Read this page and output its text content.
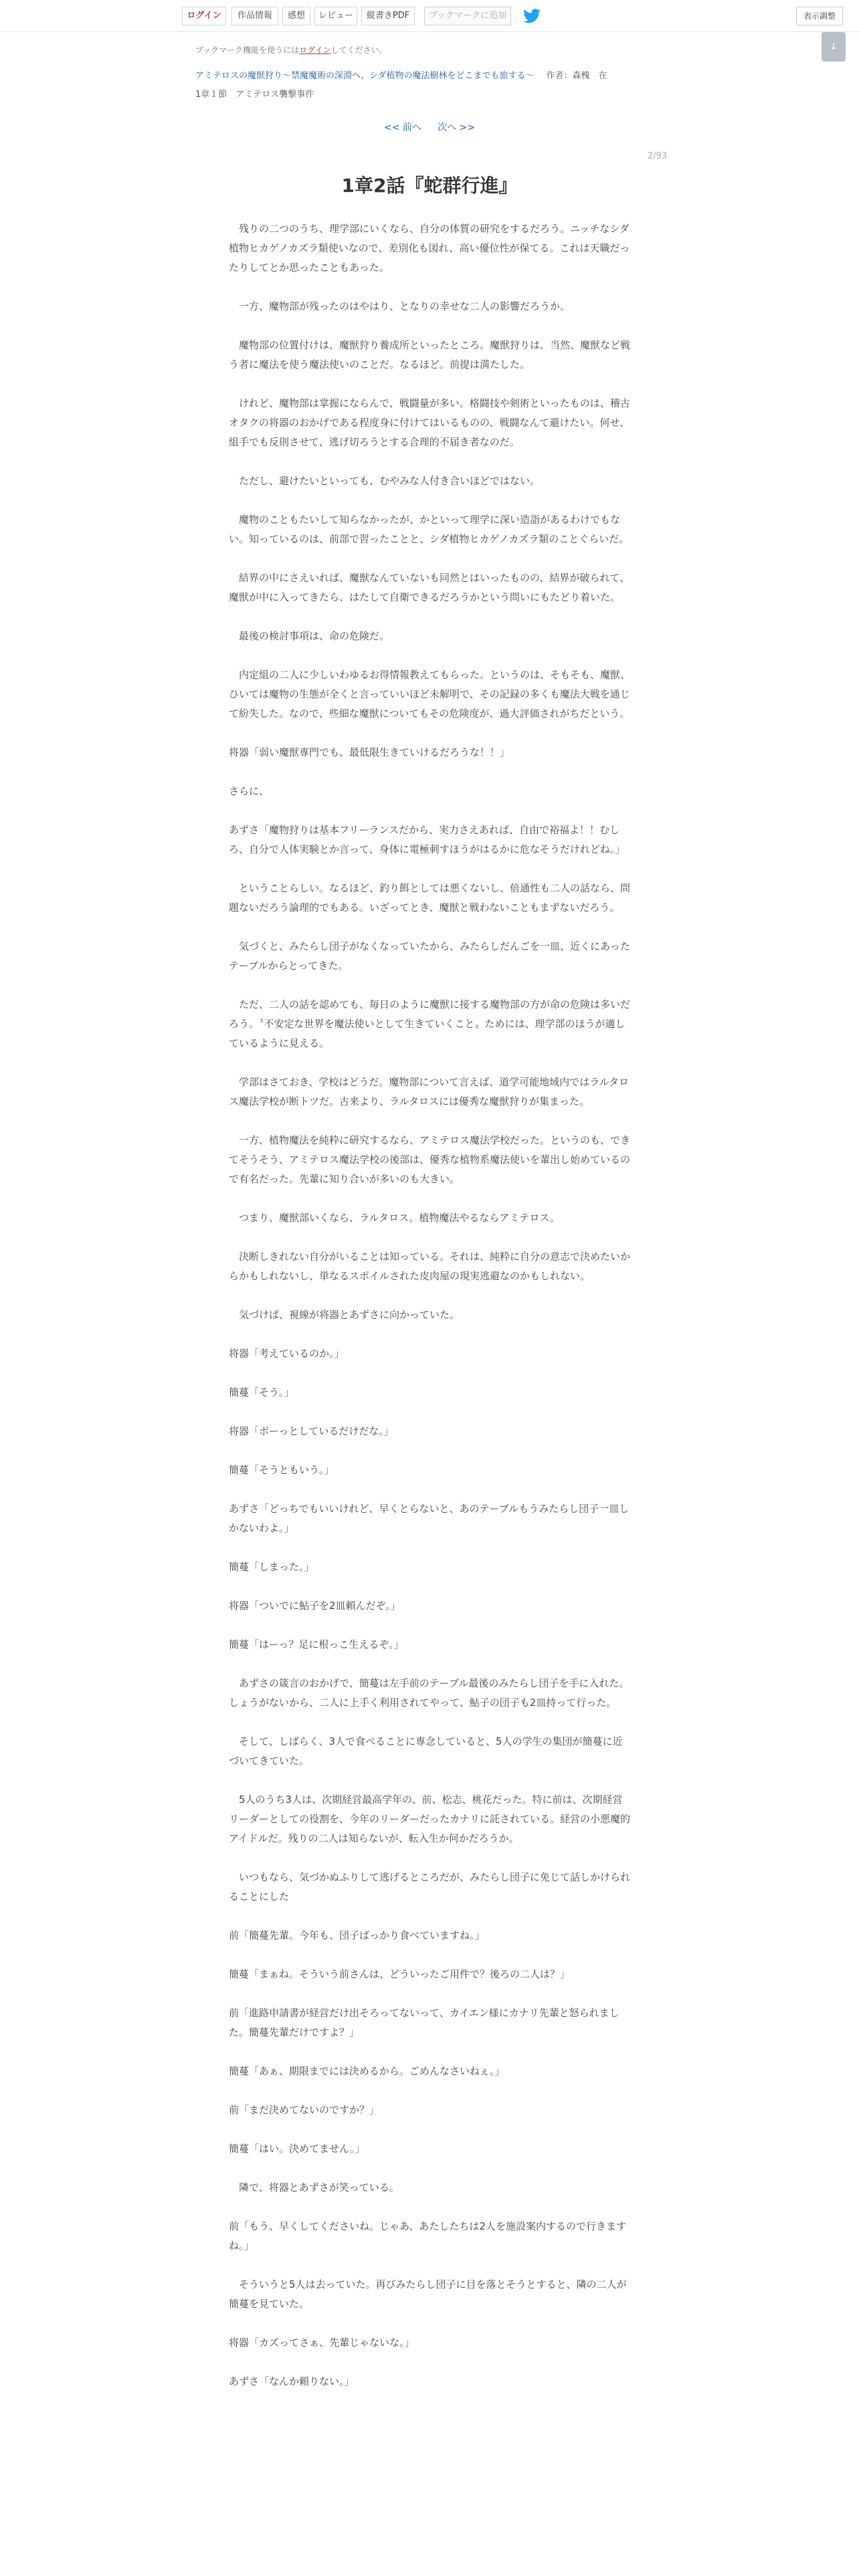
ログイン	作品情報	感想	レビュー	縦書きPDF	ブックマークに追加	表示調整
↓
ブックマーク機能を使うにはログインしてください。
アミテロスの魔獣狩り〜禁魔魔術の深淵へ、シダ植物の魔法樹林をどこまでも旅する〜 作者：森槐　在
1章１節　アミテロス襲撃事件
<< 前へ 次へ >>
2/93
1章2話『蛇群行進』

　残りの二つのうち、理学部にいくなら、自分の体質の研究をするだろう。ニッチなシダ植物ヒカゲノカズラ類使いなので、差別化も図れ、高い優位性が保てる。これは天職だったりしてとか思ったこともあった。

　一方、魔物部が残ったのはやはり、となりの幸せな二人の影響だろうか。

　魔物部の位置付けは、魔獣狩り養成所といったところ。魔獣狩りは、当然、魔獣など戦う者に魔法を使う魔法使いのことだ。なるほど。前提は満たした。

　けれど、魔物部は掌握にならんで、戦闘量が多い。格闘技や剣術といったものは、稽古オタクの将器のおかげである程度身に付けてはいるものの、戦闘なんて避けたい。何せ、組手でも反則させて、逃げ切ろうとする合理的不届き者なのだ。

　ただし、避けたいといっても、むやみな人付き合いほどではない。

　魔物のこともたいして知らなかったが、かといって理学に深い造詣があるわけでもない。知っているのは、前部で習ったことと、シダ植物ヒカゲノカズラ類のことぐらいだ。

　結界の中にさえいれば、魔獣なんていないも同然とはいったものの、結界が破られて、魔獣が中に入ってきたら、はたして自衛できるだろうかという問いにもたどり着いた。

　最後の検討事項は、命の危険だ。

　内定組の二人に少しいわゆるお得情報教えてもらった。というのは、そもそも、魔獣、ひいては魔物の生態が全くと言っていいほど未解明で、その記録の多くも魔法大戦を通じて紛失した。なので、些細な魔獣についてもその危険度が、過大評価されがちだという。

将器「弱い魔獣専門でも、最低限生きていけるだろうな！！」

さらに、

あずさ「魔物狩りは基本フリーランスだから、実力さえあれば、自由で裕福よ！！むしろ、自分で人体実験とか言って、身体に電極刺すほうがはるかに危なそうだけれどね。」

　ということらしい。なるほど、釣り餌としては悪くないし、倍通性も二人の話なら、問題ないだろう論理的でもある。いざってとき、魔獣と戦わないこともまずないだろう。

　気づくと、みたらし団子がなくなっていたから、みたらしだんごを一皿、近くにあったテーブルからとってきた。

　ただ、二人の話を認めても、毎日のように魔獣に接する魔物部の方が命の危険は多いだろう。〝不安定な世界を魔法使いとして生きていくこと〟ためには、理学部のほうが適しているように見える。

　学部はさておき、学校はどうだ。魔物部について言えば、道学可能地域内ではラルタロス魔法学校が断トツだ。古来より、ラルタロスには優秀な魔獣狩りが集まった。

　一方、植物魔法を純粋に研究するなら、アミテロス魔法学校だった。というのも、できてそうそう、アミテロス魔法学校の後部は、優秀な植物系魔法使いを輩出し始めているので有名だった。先輩に知り合いが多いのも大きい。

　つまり、魔獣部いくなら、ラルタロス。植物魔法やるならアミテロス。

　決断しきれない自分がいることは知っている。それは、純粋に自分の意志で決めたいからかもしれないし、単なるスポイルされた皮肉屋の現実逃避なのかもしれない。

　気づけば、視線が将器とあずさに向かっていた。

将器「考えているのか。」

簡蔓「そう。」

将器「ボーっとしているだけだな。」

簡蔓「そうともいう。」

あずさ「どっちでもいいけれど、早くとらないと、あのテーブルもうみたらし団子一皿しかないわよ。」

簡蔓「しまった。」

将器「ついでに鮎子を2皿頼んだぞ。」

簡蔓「はーっ？足に根っこ生えるぞ。」

　あずさの箴言のおかげで、簡蔓は左手前のテーブル最後のみたらし団子を手に入れた。しょうがないから、二人に上手く利用されてやって、鮎子の団子も2皿持って行った。

　そして、しばらく、3人で食べることに専念していると、5人の学生の集団が簡蔓に近づいてきていた。

　5人のうち3人は、次期経営最高学年の、前、松志、桃花だった。特に前は、次期経営リーダーとしての役割を、今年のリーダーだったカナリに託されている。経営の小悪魔的アイドルだ。残りの二人は知らないが、転入生か何かだろうか。

　いつもなら、気づかぬふりして逃げるところだが、みたらし団子に免じて話しかけられることにした

前「簡蔓先輩。今年も、団子ばっかり食べていますね。」

簡蔓「まぁね。そういう前さんは、どういったご用件で？後ろの二人は？」

前「進路申請書が経営だけ出そろってないって、カイエン様にカナリ先輩と怒られました。簡蔓先輩だけですよ？」

簡蔓「あぁ、期限までには決めるから。ごめんなさいねぇ。」

前「まだ決めてないのですか？」

簡蔓「はい。決めてません。」

　隣で、将器とあずさが笑っている。

前「もう、早くしてくださいね。じゃあ、あたしたちは2人を施設案内するので行きますね。」

　そういうと5人は去っていた。再びみたらし団子に目を落とそうとすると、隣の二人が簡蔓を見ていた。

将器「カズってさぁ、先輩じゃないな。」

あずさ「なんか頼りない。」
